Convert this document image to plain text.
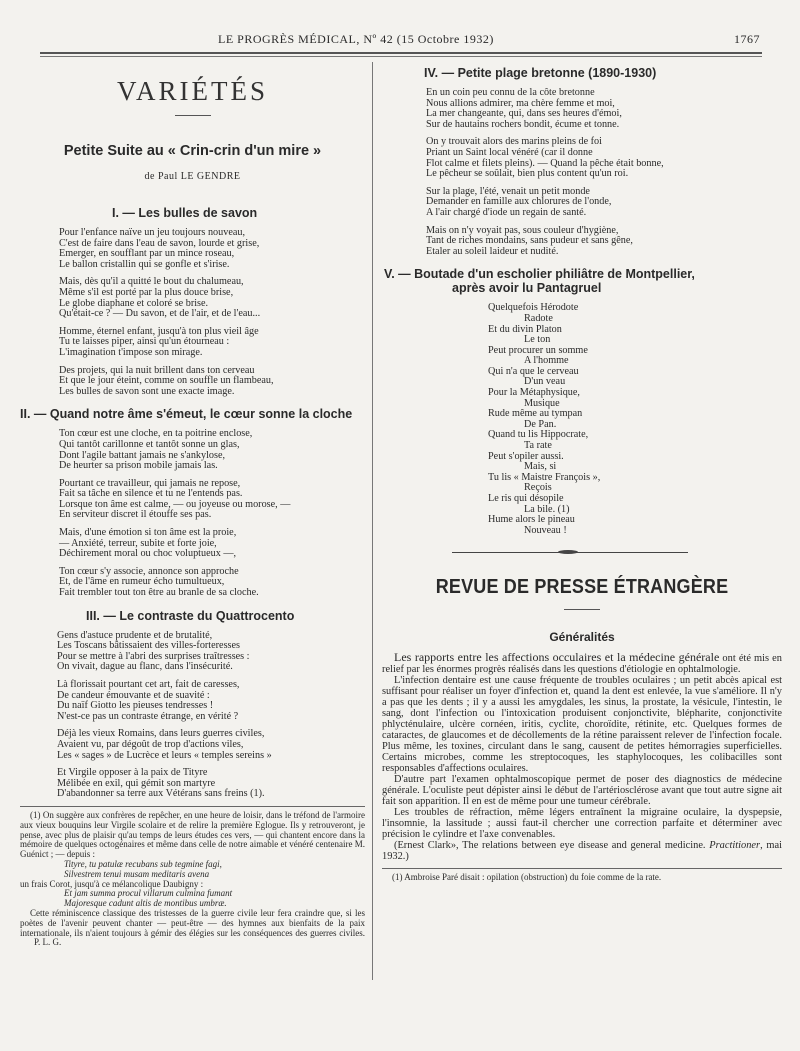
LE PROGRÈS MÉDICAL, Nº 42 (15 Octobre 1932)	1767
VARIÉTÉS
Petite Suite au « Crin-crin d'un mire »
de Paul LE GENDRE
I. — Les bulles de savon
Pour l'enfance naïve un jeu toujours nouveau,
C'est de faire dans l'eau de savon, lourde et grise,
Emerger, en soufflant par un mince roseau,
Le ballon cristallin qui se gonfle et s'irise.
Mais, dès qu'il a quitté le bout du chalumeau,
Même s'il est porté par la plus douce brise,
Le globe diaphane et coloré se brise.
Qu'était-ce ? — Du savon, et de l'air, et de l'eau...
Homme, éternel enfant, jusqu'à ton plus vieil âge
Tu te laisses piper, ainsi qu'un étourneau :
L'imagination t'impose son mirage.
Des projets, qui la nuit brillent dans ton cerveau
Et que le jour éteint, comme on souffle un flambeau,
Les bulles de savon sont une exacte image.
II. — Quand notre âme s'émeut, le cœur sonne la cloche
Ton cœur est une cloche, en ta poitrine enclose,
Qui tantôt carillonne et tantôt sonne un glas,
Dont l'agile battant jamais ne s'ankylose,
De heurter sa prison mobile jamais las.
Pourtant ce travailleur, qui jamais ne repose,
Fait sa tâche en silence et tu ne l'entends pas.
Lorsque ton âme est calme, — ou joyeuse ou morose, —
En serviteur discret il étouffe ses pas.
Mais, d'une émotion si ton âme est la proie,
— Anxiété, terreur, subite et forte joie,
Déchirement moral ou choc voluptueux —,
Ton cœur s'y associe, annonce son approche
Et, de l'âme en rumeur écho tumultueux,
Fait trembler tout ton être au branle de sa cloche.
III. — Le contraste du Quattrocento
Gens d'astuce prudente et de brutalité,
Les Toscans bâtissaient des villes-forteresses
Pour se mettre à l'abri des surprises traîtresses :
On vivait, dague au flanc, dans l'insécurité.
Là florissait pourtant cet art, fait de caresses,
De candeur émouvante et de suavité :
Du naïf Giotto les pieuses tendresses !
N'est-ce pas un contraste étrange, en vérité ?
Déjà les vieux Romains, dans leurs guerres civiles,
Avaient vu, par dégoût de trop d'actions viles,
Les « sages » de Lucrèce et leurs « temples sereins »
Et Virgile opposer à la paix de Tityre
Mélibée en exil, qui gémit son martyre
D'abandonner sa terre aux Vétérans sans freins (1).
(1) On suggère aux confrères de repêcher, en une heure de loisir, dans le tréfond de l'armoire aux vieux bouquins leur Virgile scolaire et de relire la première Eglogue. Ils y retrouveront, je pense, avec plus de plaisir qu'au temps de leurs études ces vers, — qui chantent encore dans la mémoire de quelques octogénaires et même dans celle de notre aimable et vénéré centenaire M. Guénict ; — depuis :
Tityre, tu patulæ recubans sub tegmine fagi,
Silvestrem tenui musam meditaris avena
un frais Corot, jusqu'à ce mélancolique Daubigny :
Et jam summa procul villarum culmina fumant
Majoresque cadunt altis de montibus umbræ.
Cette réminiscence classique des tristesses de la guerre civile leur fera craindre que, si les poètes de l'avenir peuvent chanter — peut-être — des hymnes aux bienfaits de la paix internationale, ils n'aient toujours à gémir des élégies sur les conséquences des guerres civiles. P. L. G.
IV. — Petite plage bretonne (1890-1930)
En un coin peu connu de la côte bretonne
Nous allions admirer, ma chère femme et moi,
La mer changeante, qui, dans ses heures d'émoi,
Sur de hautains rochers bondit, écume et tonne.
On y trouvait alors des marins pleins de foi
Priant un Saint local vénéré (car il donne
Flot calme et filets pleins). — Quand la pêche était bonne,
Le pêcheur se soûlait, bien plus content qu'un roi.
Sur la plage, l'été, venait un petit monde
Demander en famille aux chlorures de l'onde,
A l'air chargé d'iode un regain de santé.
Mais on n'y voyait pas, sous couleur d'hygiène,
Tant de riches mondains, sans pudeur et sans gêne,
Etaler au soleil laideur et nudité.
V. — Boutade d'un escholier philiâtre de Montpellier,
après avoir lu Pantagruel
Quelquefois Hérodote
Radote
Et du divin Platon
Le ton
Peut procurer un somme
A l'homme
Qui n'a que le cerveau
D'un veau
Pour la Métaphysique,
Musique
Rude même au tympan
De Pan.
Quand tu lis Hippocrate,
Ta rate
Peut s'opiler aussi.
Mais, si
Tu lis « Maistre François »,
Reçois
Le ris qui désopile
La bile. (1)
Hume alors le pineau
Nouveau !
REVUE DE PRESSE ÉTRANGÈRE
Généralités

Les rapports entre les affections occulaires et la médecine générale ont été mis en relief par les énormes progrès réalisés dans les questions d'étiologie en ophtalmologie.

L'infection dentaire est une cause fréquente de troubles oculaires ; un petit abcès apical est suffisant pour réaliser un foyer d'infection et, quand la dent est enlevée, la vue s'améliore. Il n'y a pas que les dents ; il y a aussi les amygdales, les sinus, la prostate, la vésicule, l'intestin, le sang, dont l'infection ou l'intoxication produisent conjonctivite, blépharite, conjonctivite phlycténulaire, ulcère cornéen, iritis, cyclite, choroïdite, rétinite, etc. Quelques formes de cataractes, de glaucomes et de décollements de la rétine paraissent relever de l'infection focale. Plus même, les toxines, circulant dans le sang, causent de petites hémorragies superficielles. Certains microbes, comme les streptocoques, les staphylocoques, les colibacilles sont responsables d'affections oculaires.

D'autre part l'examen ophtalmoscopique permet de poser des diagnostics de médecine générale. L'oculiste peut dépister ainsi le début de l'artériosclérose avant que tout autre signe ait fait son apparition. Il en est de même pour une tumeur cérébrale.

Les troubles de réfraction, même légers entraînent la migraine oculaire, la dyspepsie, l'insomnie, la lassitude ; aussi faut-il chercher une correction parfaite et déterminer avec précision le cylindre et l'axe convenables.

(Ernest Clark», The relations between eye disease and general medicine. Practitioner, mai 1932.)

(1) Ambroise Paré disait : opilation (obstruction) du foie comme de la rate.
